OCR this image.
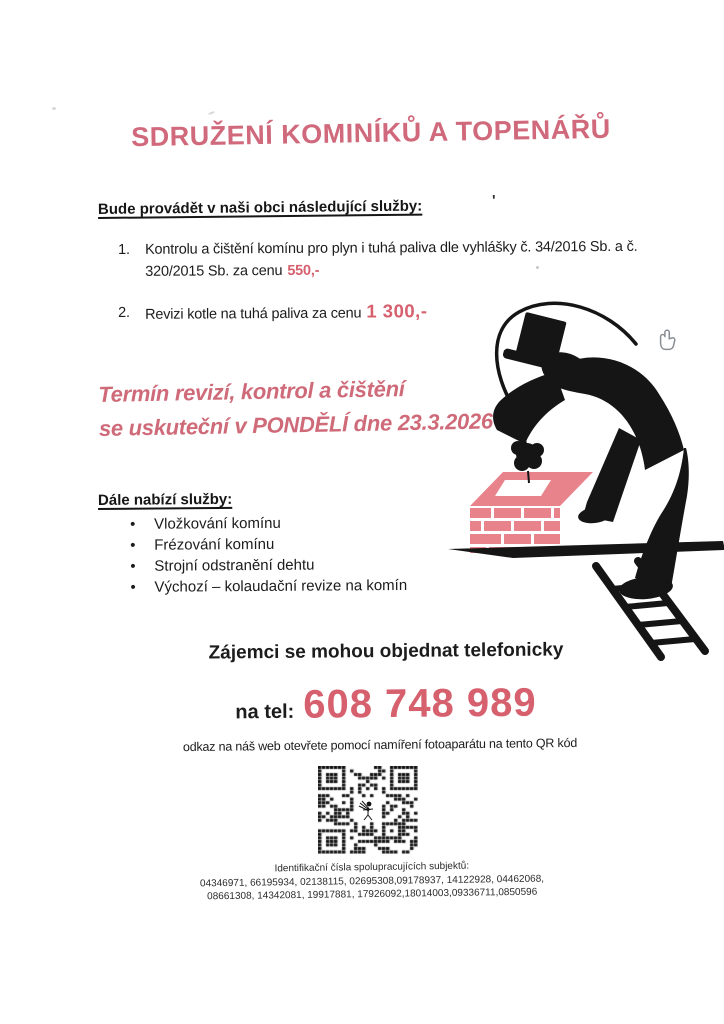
SDRUŽENÍ KOMINÍKŮ A TOPENÁŘŮ
Bude provádět v naši obci následující služby:	'
1. Kontrolu a čištění komínu pro plyn i tuhá paliva dle vyhlášky č. 34/2016 Sb. a č.
320/2015 Sb. za cenu 550,-
2. Revizi kotle na tuhá paliva za cenu 1 300,-
Termín revizí, kontrol a čištění
se uskuteční v PONDĚLÍ dne 23.3.2026
Dále nabízí služby:
• Vložkování komínu
• Frézování komínu
• Strojní odstranění dehtu
• Výchozí – kolaudační revize na komín
Zájemci se mohou objednat telefonicky
na tel: 608 748 989
odkaz na náš web otevřete pomocí namíření fotoaparátu na tento QR kód
Identifikační čísla spolupracujících subjektů:
04346971, 66195934, 02138115, 02695308,09178937, 14122928, 04462068,
08661308, 14342081, 19917881, 17926092,18014003,09336711,0850596
